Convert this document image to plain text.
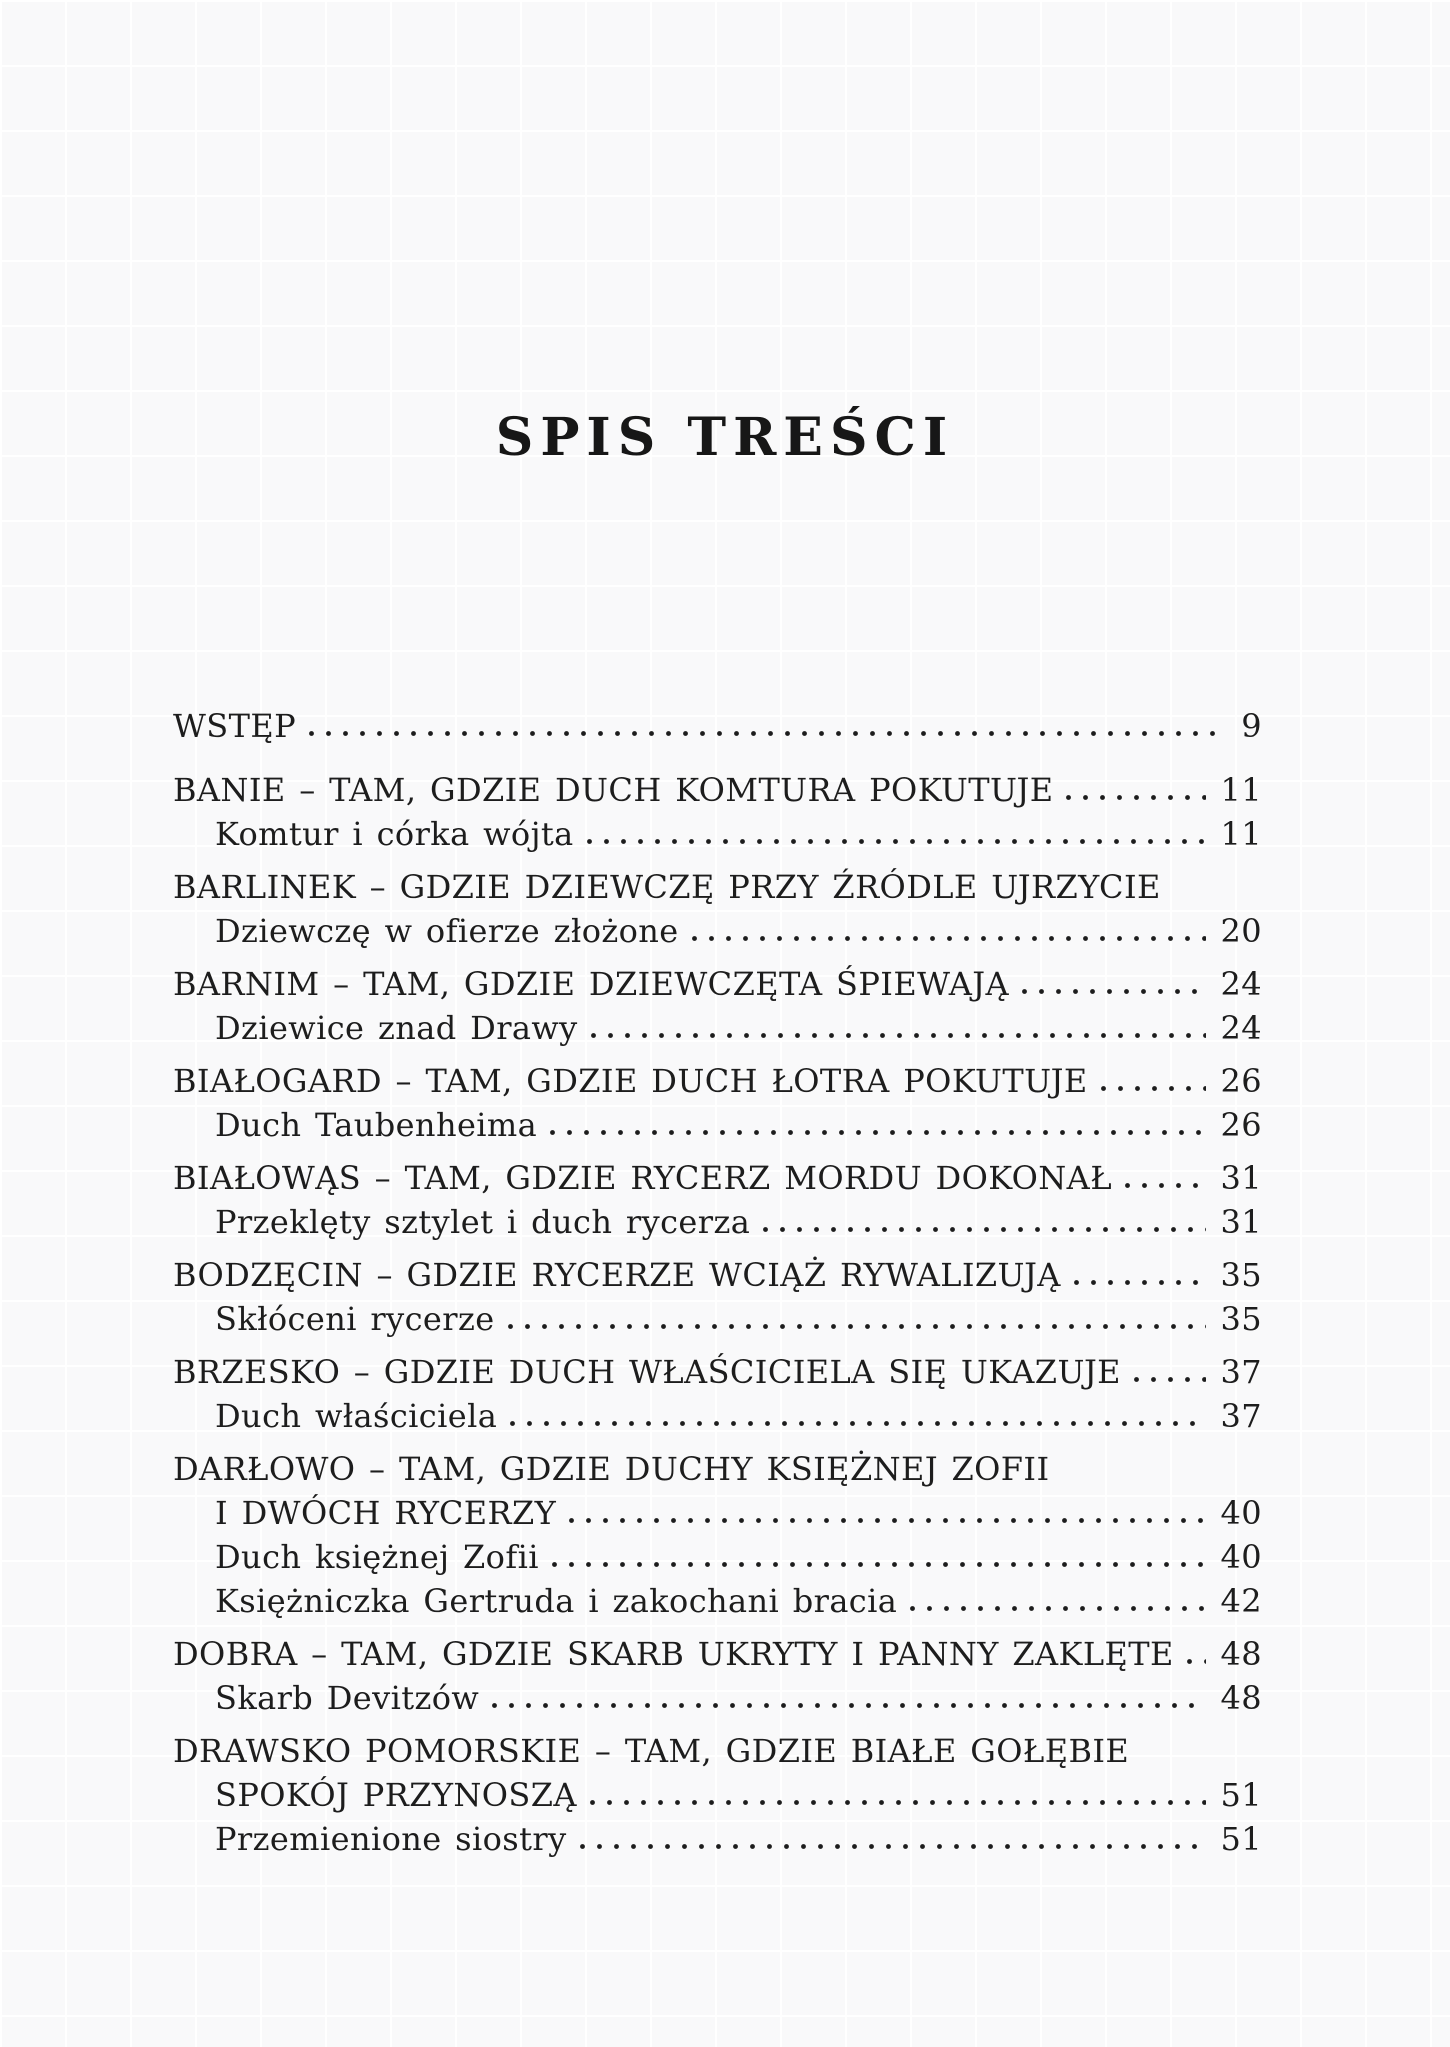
SPIS TREŚCI
WSTĘP	9
BANIE – TAM, GDZIE DUCH KOMTURA POKUTUJE	11
Komtur i córka wójta	11
BARLINEK – GDZIE DZIEWCZĘ PRZY ŹRÓDLE UJRZYCIE
Dziewczę w ofierze złożone	20
BARNIM – TAM, GDZIE DZIEWCZĘTA ŚPIEWAJĄ	24
Dziewice znad Drawy	24
BIAŁOGARD – TAM, GDZIE DUCH ŁOTRA POKUTUJE	26
Duch Taubenheima	26
BIAŁOWĄS – TAM, GDZIE RYCERZ MORDU DOKONAŁ	31
Przeklęty sztylet i duch rycerza	31
BODZĘCIN – GDZIE RYCERZE WCIĄŻ RYWALIZUJĄ	35
Skłóceni rycerze	35
BRZESKO – GDZIE DUCH WŁAŚCICIELA SIĘ UKAZUJE	37
Duch właściciela	37
DARŁOWO – TAM, GDZIE DUCHY KSIĘŻNEJ ZOFII
I DWÓCH RYCERZY	40
Duch księżnej Zofii	40
Księżniczka Gertruda i zakochani bracia	42
DOBRA – TAM, GDZIE SKARB UKRYTY I PANNY ZAKLĘTE 48
Skarb Devitzów	48
DRAWSKO POMORSKIE – TAM, GDZIE BIAŁE GOŁĘBIE
SPOKÓJ PRZYNOSZĄ	51
Przemienione siostry	51
